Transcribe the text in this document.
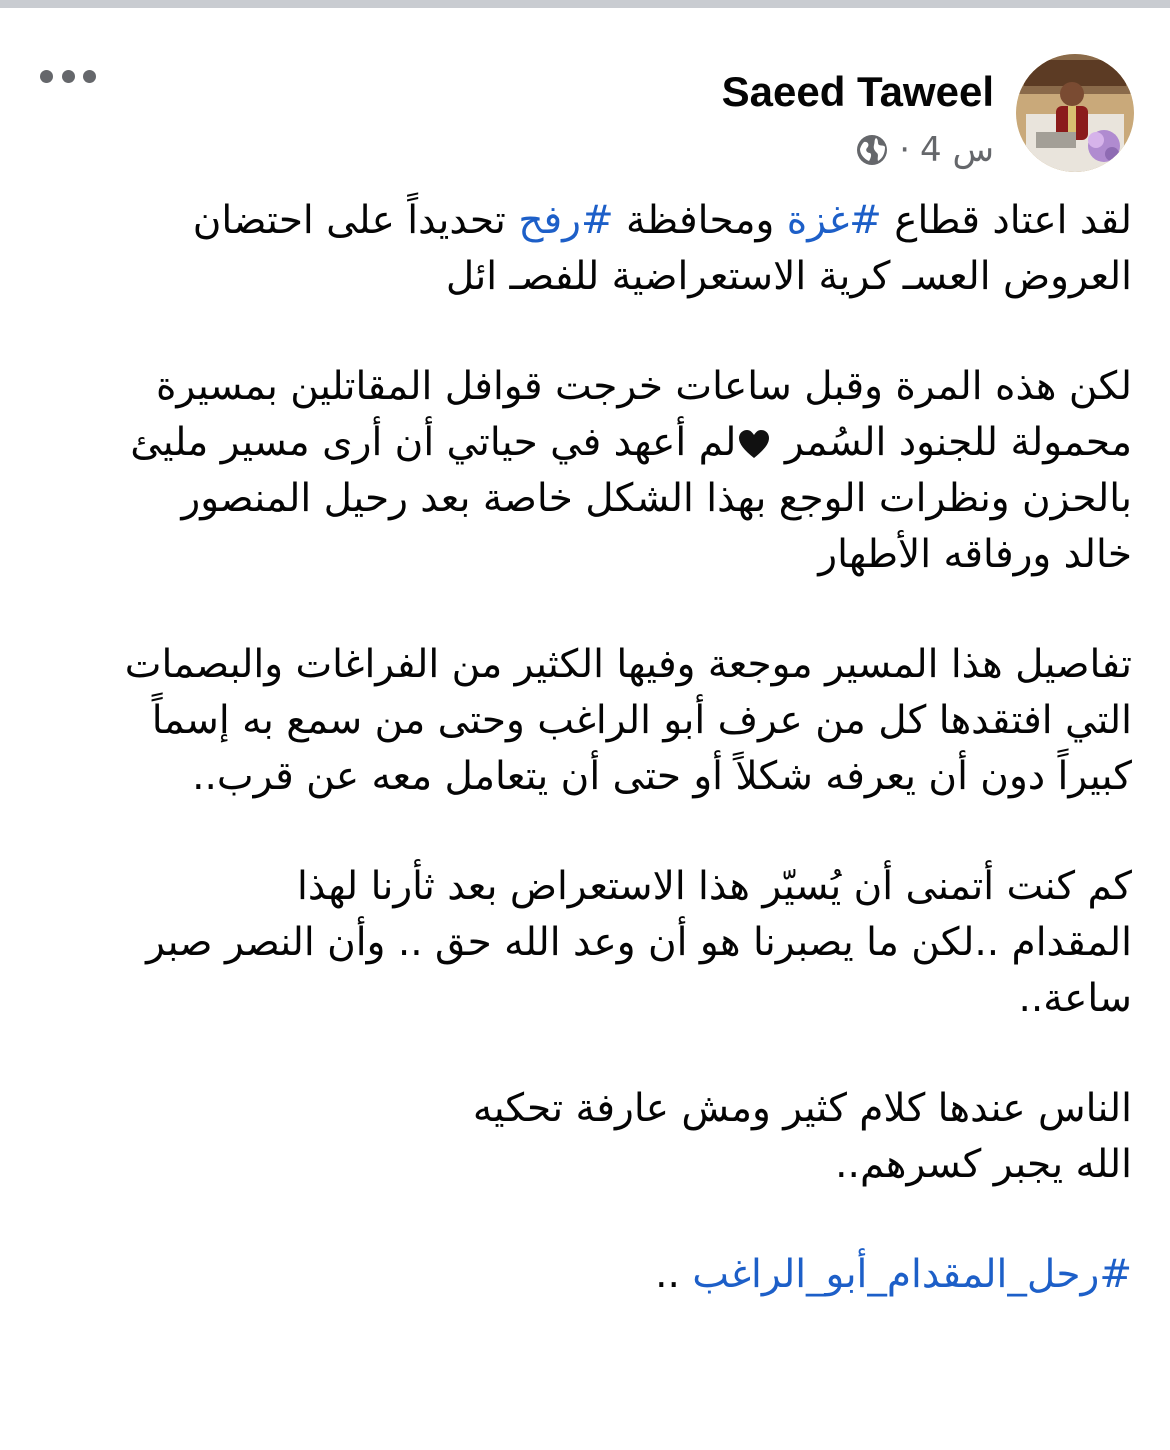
Saeed Taweel
4 س
·

لقد اعتاد قطاع #غزة ومحافظة #رفح تحديداً على احتضان
العروض العسـ كرية الاستعراضية للفصـ ائل

لكن هذه المرة وقبل ساعات خرجت قوافل المقاتلين بمسيرة
محمولة للجنود السُمر لم أعهد في حياتي أن أرى مسير مليئ
بالحزن ونظرات الوجع بهذا الشكل خاصة بعد رحيل المنصور
خالد ورفاقه الأطهار

تفاصيل هذا المسير موجعة وفيها الكثير من الفراغات والبصمات
التي افتقدها كل من عرف أبو الراغب وحتى من سمع به إسماً
كبيراً دون أن يعرفه شكلاً أو حتى أن يتعامل معه عن قرب..

كم كنت أتمنى أن يُسيّر هذا الاستعراض بعد ثأرنا لهذا
المقدام ..لكن ما يصبرنا هو أن وعد الله حق .. وأن النصر صبر
ساعة..

الناس عندها كلام كثير ومش عارفة تحكيه
الله يجبر كسرهم..

#رحل_المقدام_أبو_الراغب ..
